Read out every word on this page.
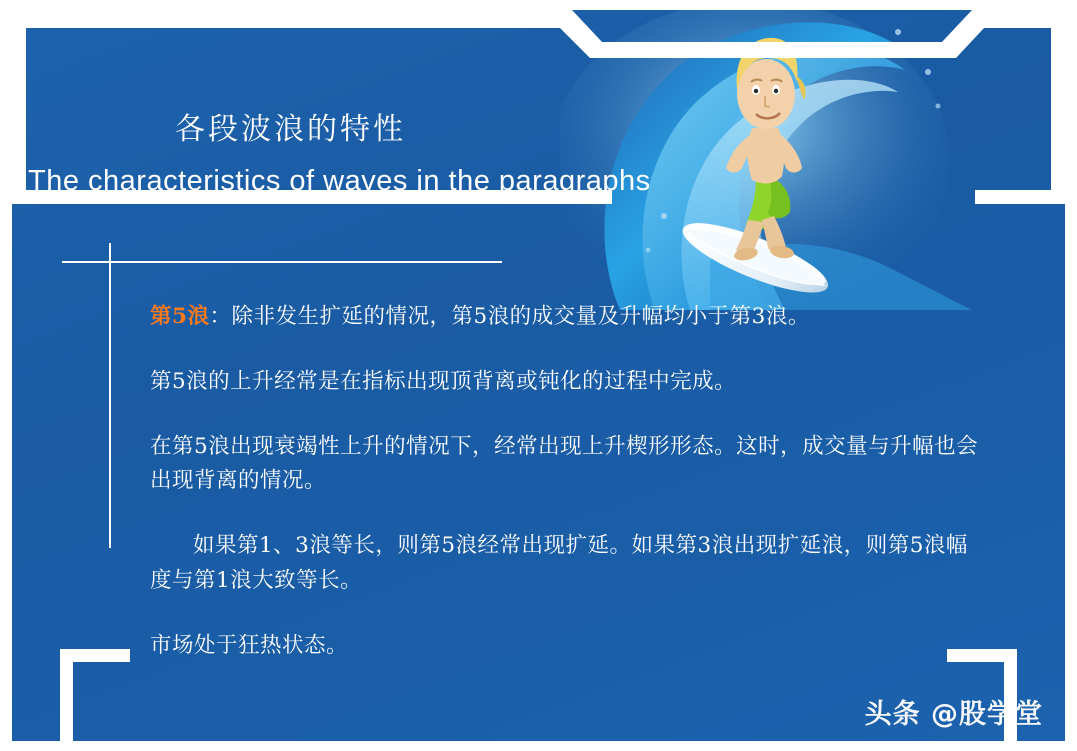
各段波浪的特性
The characteristics of waves in the paragraphs

第5浪：除非发生扩延的情况，第5浪的成交量及升幅均小于第3浪。

第5浪的上升经常是在指标出现顶背离或钝化的过程中完成。

在第5浪出现衰竭性上升的情况下，经常出现上升楔形形态。这时，成交量与升幅也会出现背离的情况。

如果第1、3浪等长，则第5浪经常出现扩延。如果第3浪出现扩延浪，则第5浪幅度与第1浪大致等长。

市场处于狂热状态。

头条 @股学堂
